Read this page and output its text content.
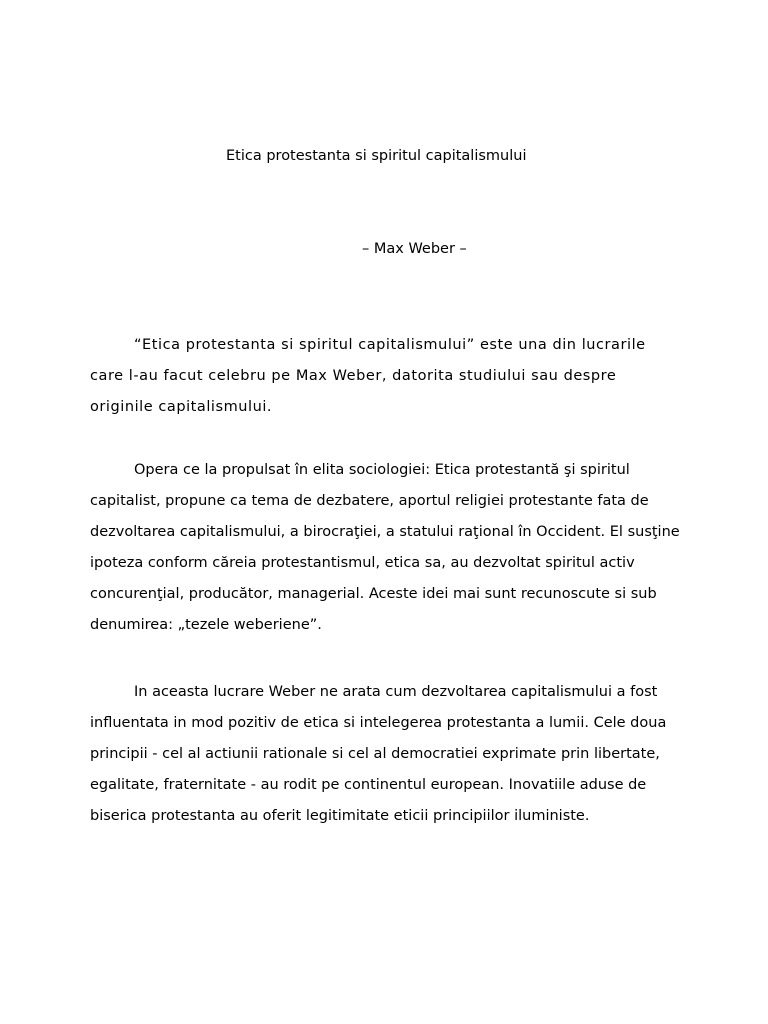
Etica protestanta si spiritul capitalismului
– Max Weber –
“Etica protestanta si spiritul capitalismului” este una din lucrarile
care l-au facut celebru pe Max Weber, datorita studiului sau despre
originile capitalismului.
Opera ce la propulsat în elita sociologiei: Etica protestantă şi spiritul
capitalist, propune ca tema de dezbatere, aportul religiei protestante fata de
dezvoltarea capitalismului, a birocraţiei, a statului raţional în Occident. El susţine
ipoteza conform căreia protestantismul, etica sa, au dezvoltat spiritul activ
concurenţial, producător, managerial. Aceste idei mai sunt recunoscute si sub
denumirea: „tezele weberiene”.
In aceasta lucrare Weber ne arata cum dezvoltarea capitalismului a fost
influentata in mod pozitiv de etica si intelegerea protestanta a lumii. Cele doua
principii - cel al actiunii rationale si cel al democratiei exprimate prin libertate,
egalitate, fraternitate - au rodit pe continentul european. Inovatiile aduse de
biserica protestanta au oferit legitimitate eticii principiilor iluministe.
